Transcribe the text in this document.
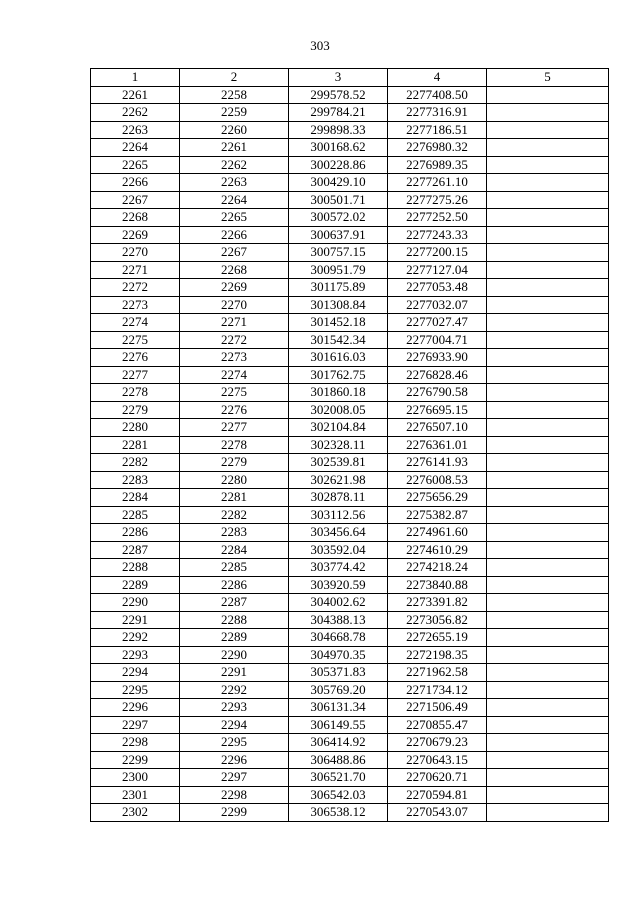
303
1	2	3	4	5
2261	2258	299578.52	2277408.50	
2262	2259	299784.21	2277316.91	
2263	2260	299898.33	2277186.51	
2264	2261	300168.62	2276980.32	
2265	2262	300228.86	2276989.35	
2266	2263	300429.10	2277261.10	
2267	2264	300501.71	2277275.26	
2268	2265	300572.02	2277252.50	
2269	2266	300637.91	2277243.33	
2270	2267	300757.15	2277200.15	
2271	2268	300951.79	2277127.04	
2272	2269	301175.89	2277053.48	
2273	2270	301308.84	2277032.07	
2274	2271	301452.18	2277027.47	
2275	2272	301542.34	2277004.71	
2276	2273	301616.03	2276933.90	
2277	2274	301762.75	2276828.46	
2278	2275	301860.18	2276790.58	
2279	2276	302008.05	2276695.15	
2280	2277	302104.84	2276507.10	
2281	2278	302328.11	2276361.01	
2282	2279	302539.81	2276141.93	
2283	2280	302621.98	2276008.53	
2284	2281	302878.11	2275656.29	
2285	2282	303112.56	2275382.87	
2286	2283	303456.64	2274961.60	
2287	2284	303592.04	2274610.29	
2288	2285	303774.42	2274218.24	
2289	2286	303920.59	2273840.88	
2290	2287	304002.62	2273391.82	
2291	2288	304388.13	2273056.82	
2292	2289	304668.78	2272655.19	
2293	2290	304970.35	2272198.35	
2294	2291	305371.83	2271962.58	
2295	2292	305769.20	2271734.12	
2296	2293	306131.34	2271506.49	
2297	2294	306149.55	2270855.47	
2298	2295	306414.92	2270679.23	
2299	2296	306488.86	2270643.15	
2300	2297	306521.70	2270620.71	
2301	2298	306542.03	2270594.81	
2302	2299	306538.12	2270543.07	
